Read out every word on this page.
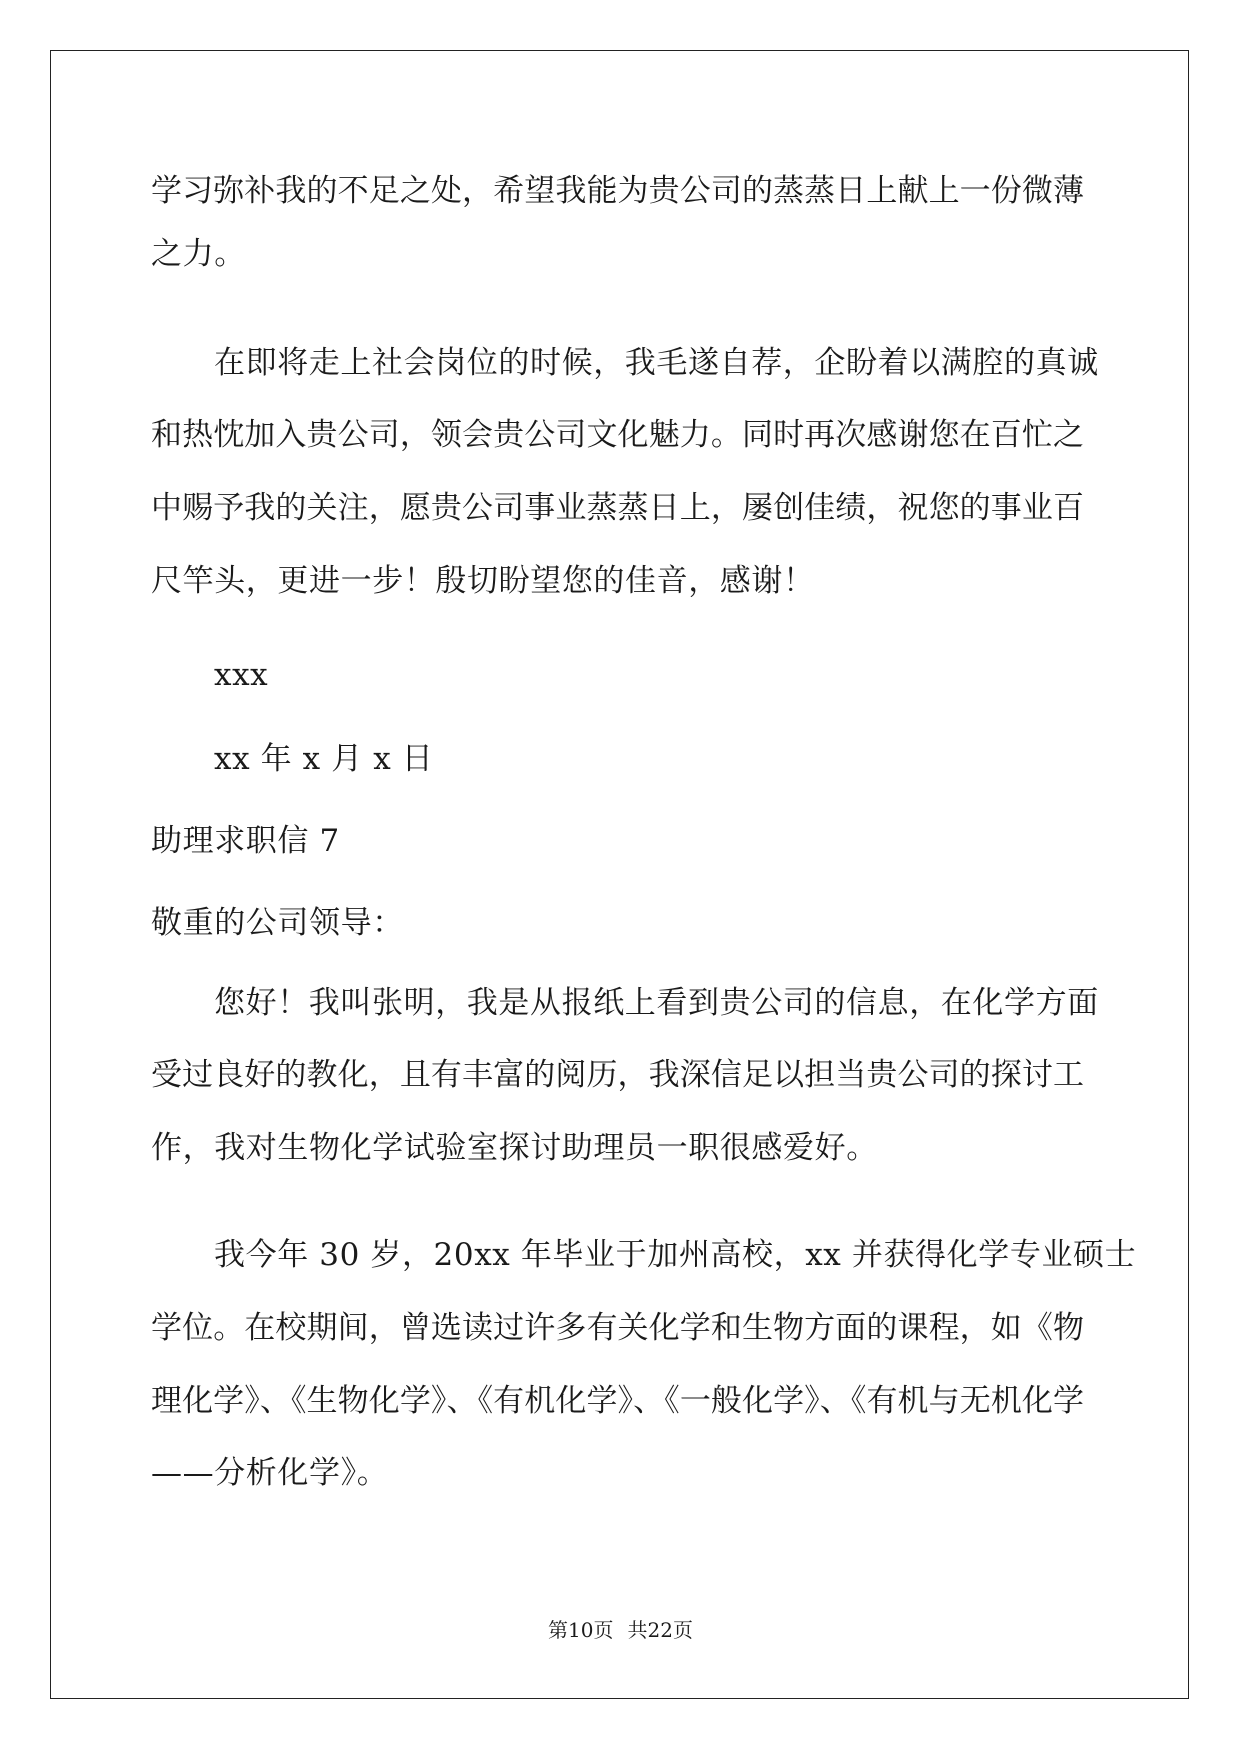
学习弥补我的不足之处，希望我能为贵公司的蒸蒸日上献上一份微薄
之力。
在即将走上社会岗位的时候，我毛遂自荐，企盼着以满腔的真诚
和热忱加入贵公司，领会贵公司文化魅力。同时再次感谢您在百忙之
中赐予我的关注，愿贵公司事业蒸蒸日上，屡创佳绩，祝您的事业百
尺竿头，更进一步！殷切盼望您的佳音，感谢！
xxx
xx 年 x 月 x 日
助理求职信 7
敬重的公司领导：
您好！我叫张明，我是从报纸上看到贵公司的信息，在化学方面
受过良好的教化，且有丰富的阅历，我深信足以担当贵公司的探讨工
作，我对生物化学试验室探讨助理员一职很感爱好。
我今年 30 岁，20xx 年毕业于加州高校，xx 并获得化学专业硕士
学位。在校期间，曾选读过许多有关化学和生物方面的课程，如《物
理化学》、《生物化学》、《有机化学》、《一般化学》、《有机与无机化学
——分析化学》。
第10页 共22页
